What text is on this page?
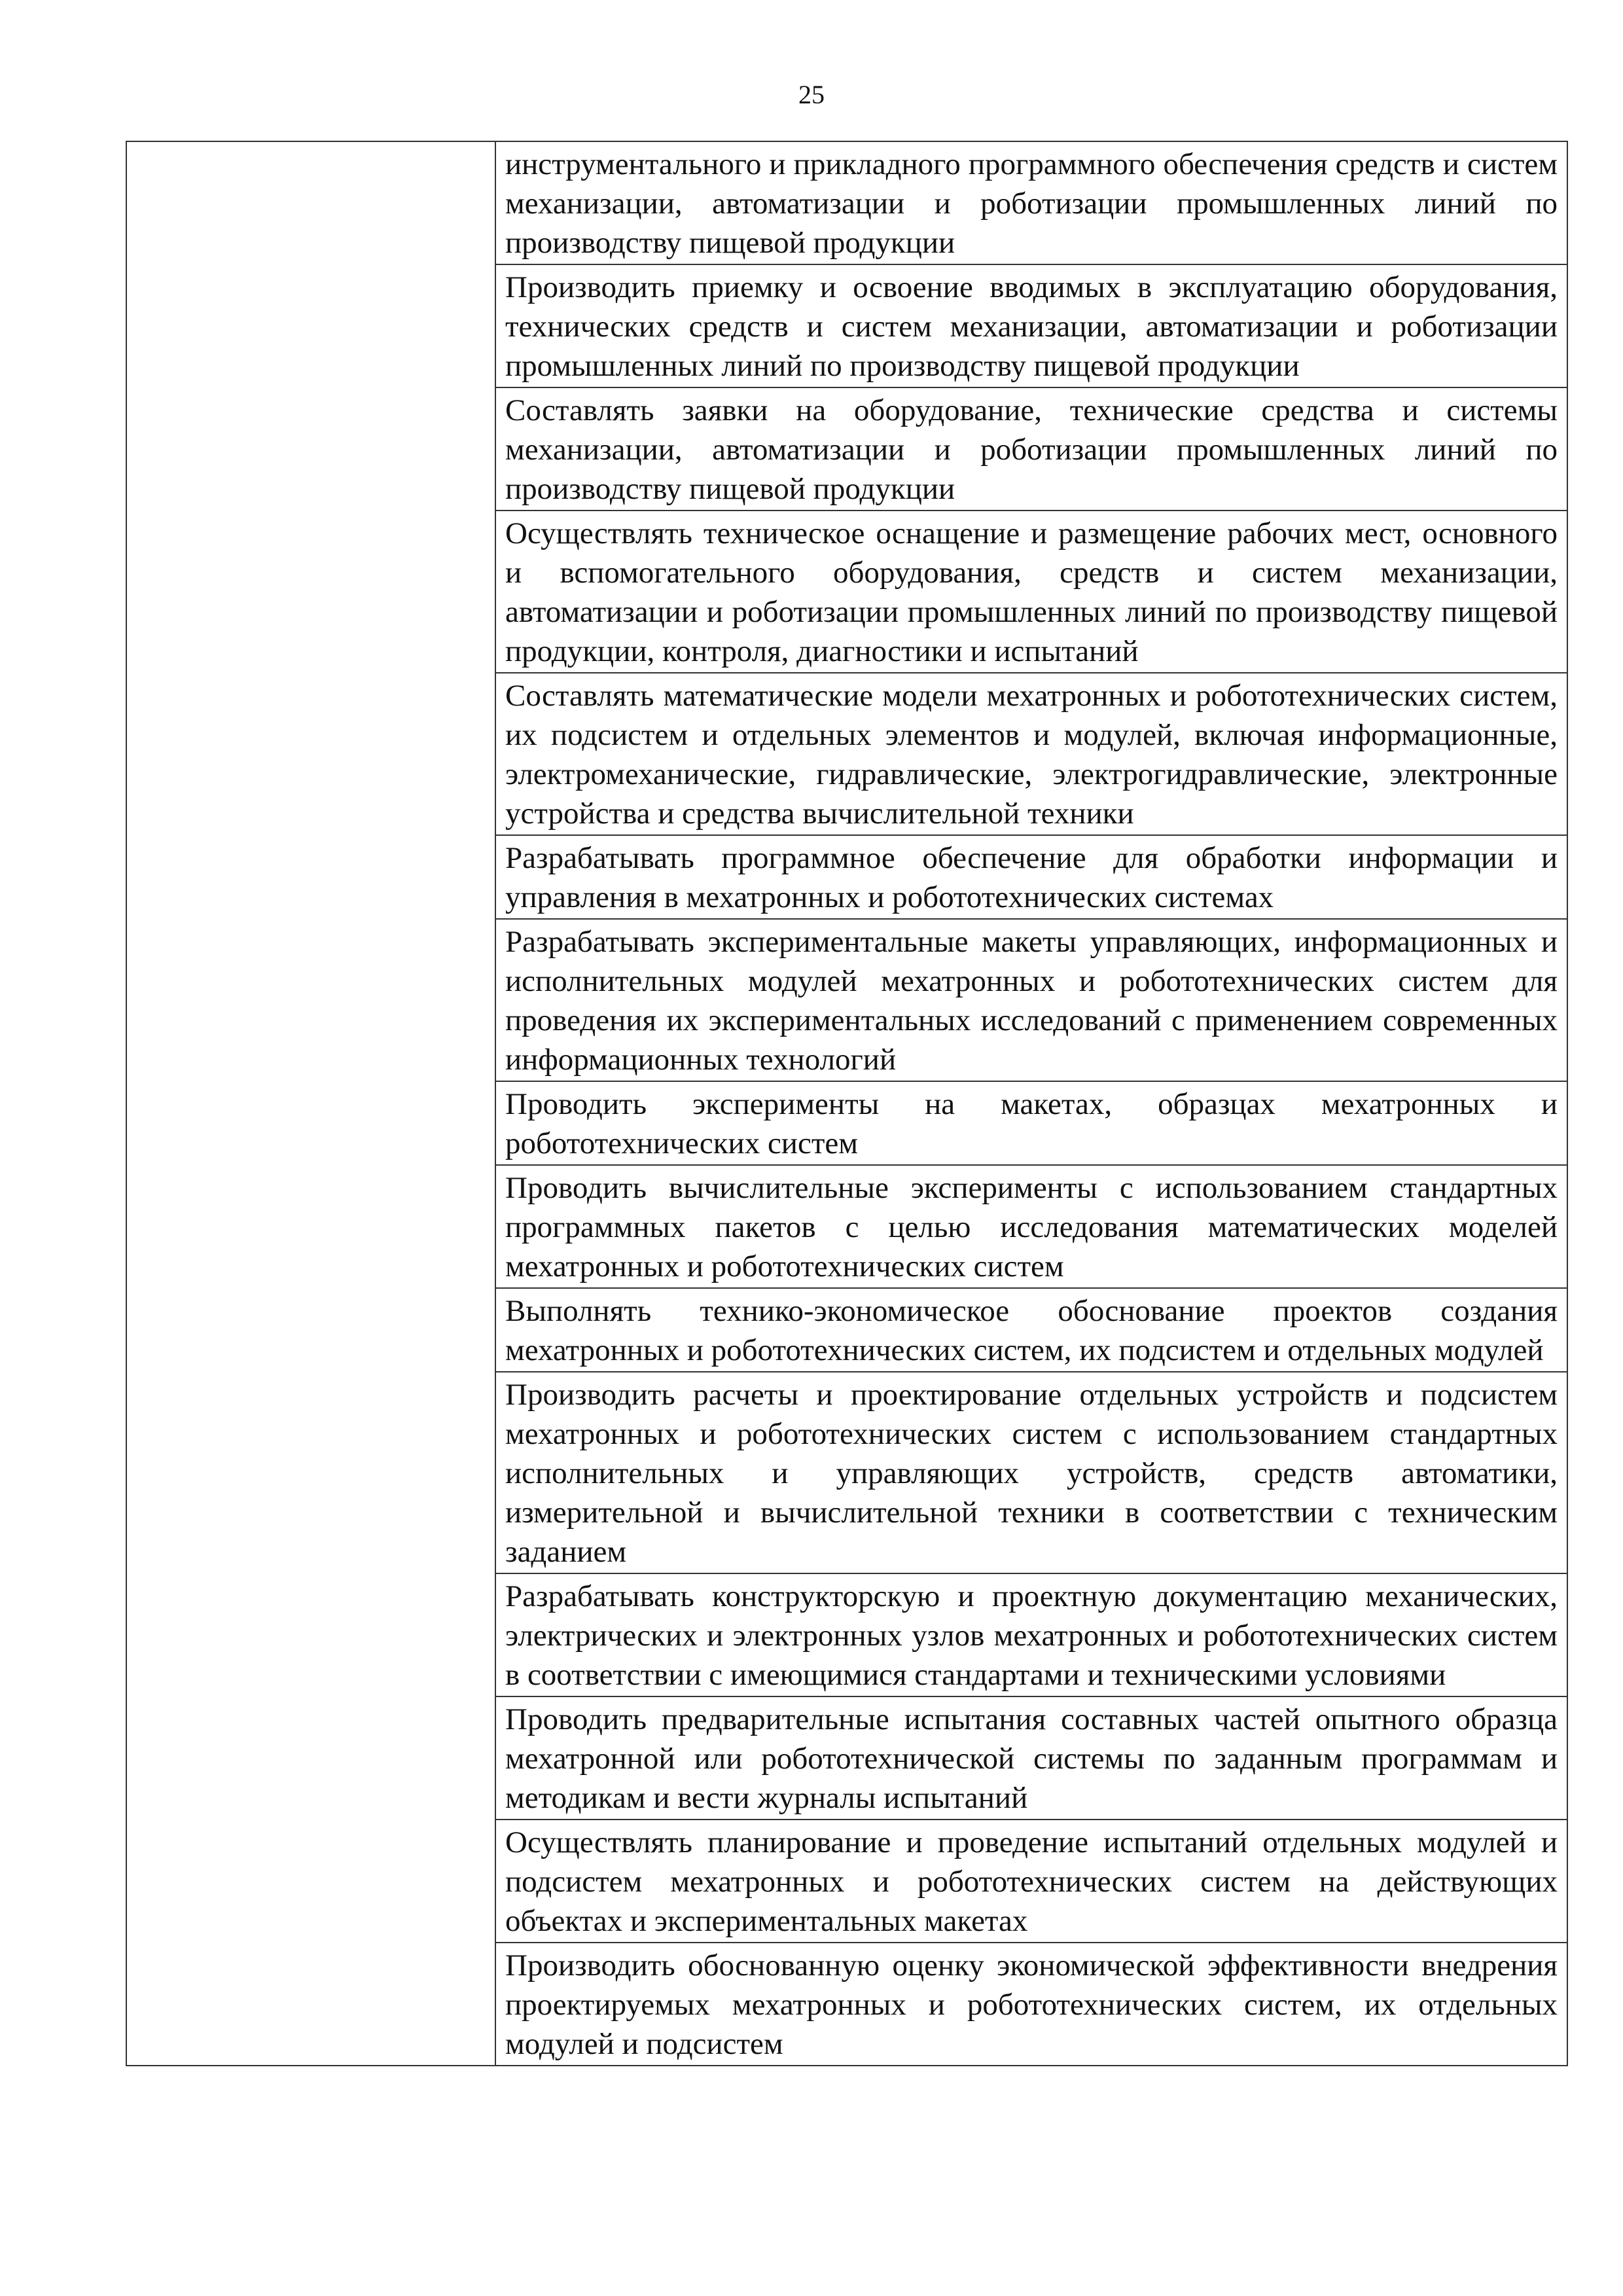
25

инструментального и прикладного программного обеспечения средств и систем механизации, автоматизации и роботизации промышленных линий по производству пищевой продукции
Производить приемку и освоение вводимых в эксплуатацию оборудования, технических средств и систем механизации, автоматизации и роботизации промышленных линий по производству пищевой продукции
Составлять заявки на оборудование, технические средства и системы механизации, автоматизации и роботизации промышленных линий по производству пищевой продукции
Осуществлять техническое оснащение и размещение рабочих мест, основного и вспомогательного оборудования, средств и систем механизации, автоматизации и роботизации промышленных линий по производству пищевой продукции, контроля, диагностики и испытаний
Составлять математические модели мехатронных и робототехнических систем, их подсистем и отдельных элементов и модулей, включая информационные, электромеханические, гидравлические, электрогидравлические, электронные устройства и средства вычислительной техники
Разрабатывать программное обеспечение для обработки информации и управления в мехатронных и робототехнических системах
Разрабатывать экспериментальные макеты управляющих, информационных и исполнительных модулей мехатронных и робототехнических систем для проведения их экспериментальных исследований с применением современных информационных технологий
Проводить эксперименты на макетах, образцах мехатронных и робототехнических систем
Проводить вычислительные эксперименты с использованием стандартных программных пакетов с целью исследования математических моделей мехатронных и робототехнических систем
Выполнять технико-экономическое обоснование проектов создания мехатронных и робототехнических систем, их подсистем и отдельных модулей
Производить расчеты и проектирование отдельных устройств и подсистем мехатронных и робототехнических систем с использованием стандартных исполнительных и управляющих устройств, средств автоматики, измерительной и вычислительной техники в соответствии с техническим заданием
Разрабатывать конструкторскую и проектную документацию механических, электрических и электронных узлов мехатронных и робототехнических систем в соответствии с имеющимися стандартами и техническими условиями
Проводить предварительные испытания составных частей опытного образца мехатронной или робототехнической системы по заданным программам и методикам и вести журналы испытаний
Осуществлять планирование и проведение испытаний отдельных модулей и подсистем мехатронных и робототехнических систем на действующих объектах и экспериментальных макетах
Производить обоснованную оценку экономической эффективности внедрения проектируемых мехатронных и робототехнических систем, их отдельных модулей и подсистем
